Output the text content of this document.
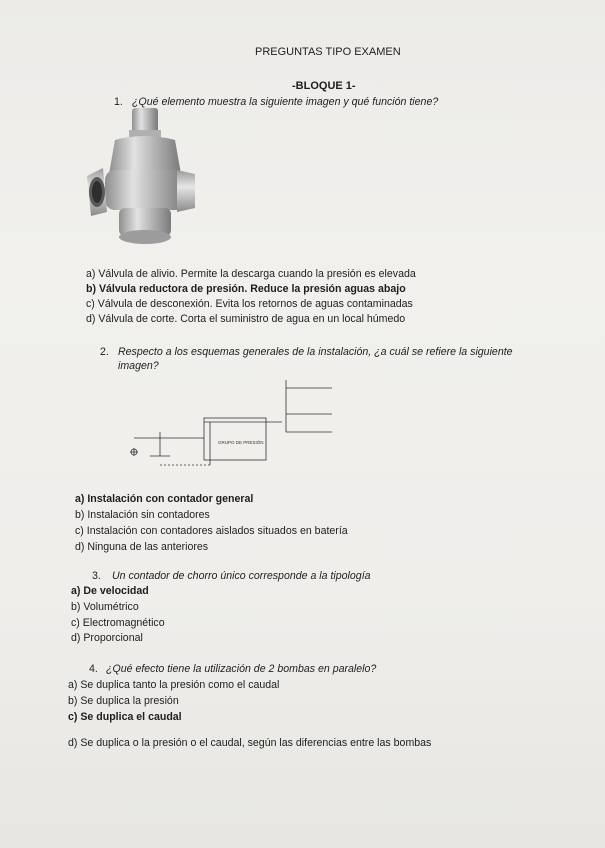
PREGUNTAS TIPO EXAMEN
-BLOQUE 1-
1. ¿Qué elemento muestra la siguiente imagen y qué función tiene?
a) Válvula de alivio. Permite la descarga cuando la presión es elevada
b) Válvula reductora de presión. Reduce la presión aguas abajo
c) Válvula de desconexión. Evita los retornos de aguas contaminadas
d) Válvula de corte. Corta el suministro de agua en un local húmedo
2. Respecto a los esquemas generales de la instalación, ¿a cuál se refiere la siguiente
imagen?
GRUPO DE PRESIÓN
a) Instalación con contador general
b) Instalación sin contadores
c) Instalación con contadores aislados situados en batería
d) Ninguna de las anteriores
3. Un contador de chorro único corresponde a la tipología
a) De velocidad
b) Volumétrico
c) Electromagnético
d) Proporcional
4. ¿Qué efecto tiene la utilización de 2 bombas en paralelo?
a) Se duplica tanto la presión como el caudal
b) Se duplica la presión
c) Se duplica el caudal
d) Se duplica o la presión o el caudal, según las diferencias entre las bombas
